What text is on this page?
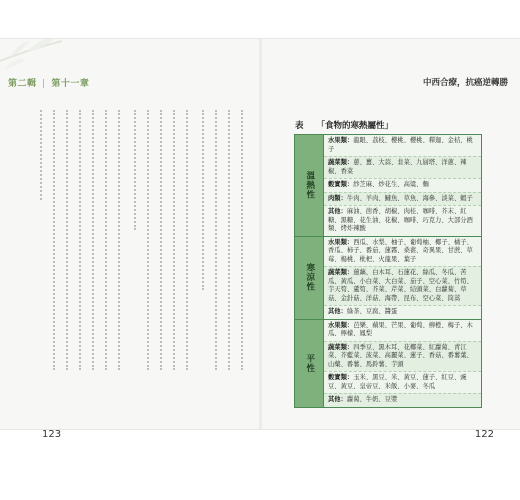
第二輯 | 第十一章	中西合療，抗癌逆轉勝
123
表 「食物的寒熱屬性」
溫熱性
水果類：龍眼、荔枝、櫻桃、櫻桃、釋迦、金桔、桃子
蔬菜類：蔥、薑、大蒜、韭菜、九層塔、洋蔥、辣椒、香菜
穀實類：紗芝麻、炒花生、高粱、麵
肉類：牛肉、羊肉、鰱魚、草魚、海參、淡菜、蝦子
其他：麻油、茴香、胡椒、肉桂、咖啡、芥末、紅糖、黑糖、花生油、花椒、咖啡、巧克力、大部分酒類、烤炸辣酸
寒涼性
水果類：西瓜、水梨、柚子、葡萄柚、椰子、橘子、香瓜、柿子、番茄、蓮霧、桑葚、奇異果、甘蔗、草莓、楊桃、枇杷、火龍果、葉子
蔬菜類：蓮藕、白木耳、石蓮花、絲瓜、冬瓜、苦瓜、黃瓜、小白菜、大白菜、茄子、空心菜、竹筍、芋天筍、蘆筍、芥菜、芹菜、結頭菜、白蘿蔔、草菇、金針菇、洋菇、海帶、昆布、空心菜、筒蒿
其他：綠茶、豆腐、醬蛋
平性
水果類：芭樂、蘋果、芒果、葡萄、柳橙、梅子、木瓜、檸檬、鳳梨
蔬菜類：四季豆、黑木耳、花椰菜、紅蘿蔔、青江菜、芥藍菜、菠菜、高麗菜、蓮子、香菇、番薯葉、山藥、番薯、馬鈴薯、芋頭
穀實類：玉米、黑豆、米、黃豆、蓮子、紅豆、豌豆、黃豆、皇帝豆、米飯、小麥、冬瓜
其他：蘿蔔、牛奶、豆漿
122
